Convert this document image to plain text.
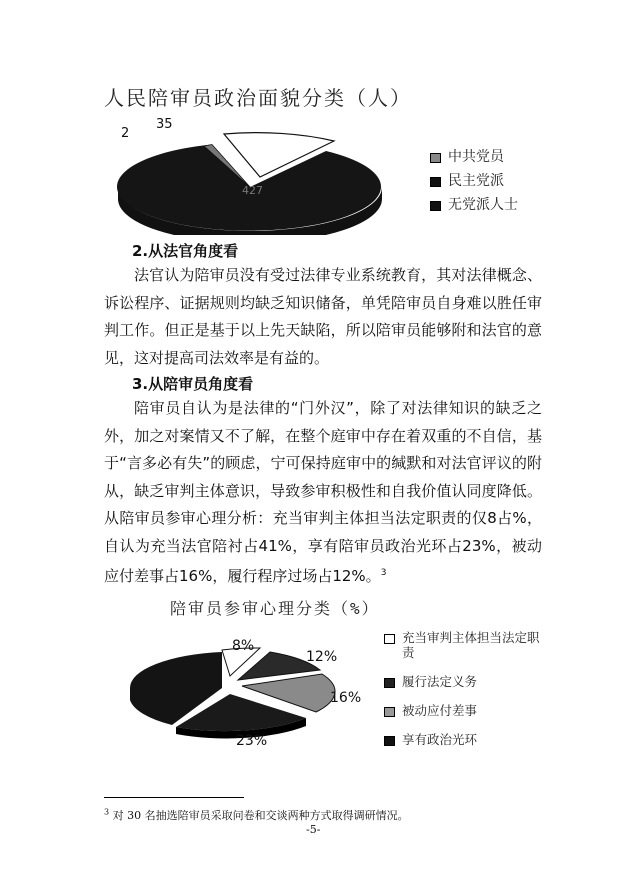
人民陪审员政治面貌分类（人）
427
2
35
中共党员
民主党派
无党派人士
2.从法官角度看

法官认为陪审员没有受过法律专业系统教育，其对法律概念、诉讼程序、证据规则均缺乏知识储备，单凭陪审员自身难以胜任审判工作。但正是基于以上先天缺陷，所以陪审员能够附和法官的意见，这对提高司法效率是有益的。

3.从陪审员角度看

陪审员自认为是法律的“门外汉”，除了对法律知识的缺乏之外，加之对案情又不了解，在整个庭审中存在着双重的不自信，基于“言多必有失”的顾虑，宁可保持庭审中的缄默和对法官评议的附从，缺乏审判主体意识，导致参审积极性和自我价值认同度降低。从陪审员参审心理分析：充当审判主体担当法定职责的仅8占%，自认为充当法官陪衬占41%，享有陪审员政治光环占23%，被动应付差事占16%，履行程序过场占12%。$^3$

陪审员参审心理分类（%）
8%
12%
16%
23%
充当审判主体担当法定职责
履行法定义务
被动应付差事
享有政治光环
$^3$ 对 30 名抽选陪审员采取问卷和交谈两种方式取得调研情况。
-5-
